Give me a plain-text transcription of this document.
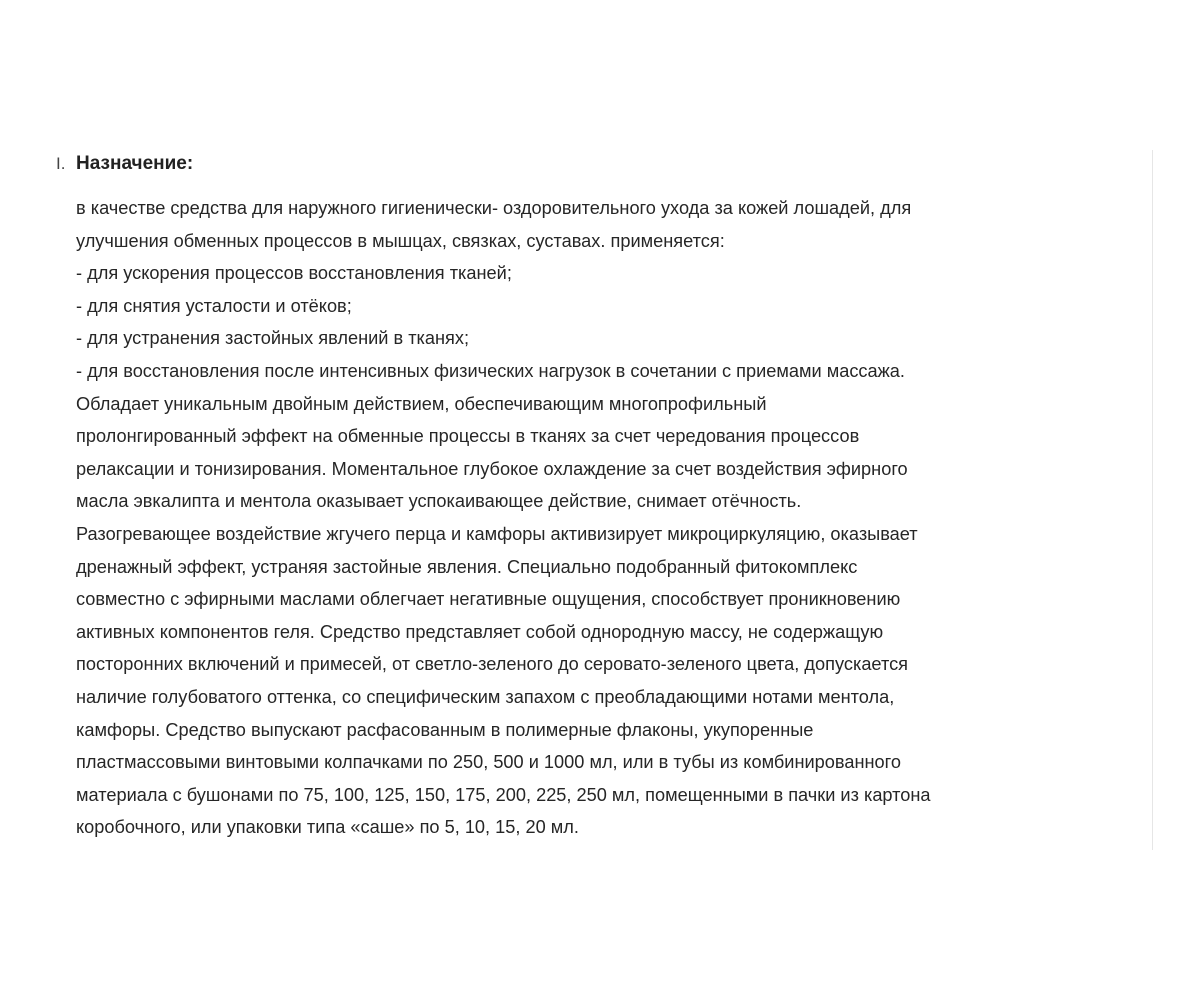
I. Назначение:
в качестве средства для наружного гигиенически- оздоровительного ухода за кожей лошадей, для
улучшения обменных процессов в мышцах, связках, суставах. применяется:
- для ускорения процессов восстановления тканей;
- для снятия усталости и отёков;
- для устранения застойных явлений в тканях;
- для восстановления после интенсивных физических нагрузок в сочетании с приемами массажа.
Обладает уникальным двойным действием, обеспечивающим многопрофильный
пролонгированный эффект на обменные процессы в тканях за счет чередования процессов
релаксации и тонизирования. Моментальное глубокое охлаждение за счет воздействия эфирного
масла эвкалипта и ментола оказывает успокаивающее действие, снимает отёчность.
Разогревающее воздействие жгучего перца и камфоры активизирует микроциркуляцию, оказывает
дренажный эффект, устраняя застойные явления. Специально подобранный фитокомплекс
совместно с эфирными маслами облегчает негативные ощущения, способствует проникновению
активных компонентов геля. Средство представляет собой однородную массу, не содержащую
посторонних включений и примесей, от светло-зеленого до серовато-зеленого цвета, допускается
наличие голубоватого оттенка, со специфическим запахом с преобладающими нотами ментола,
камфоры. Средство выпускают расфасованным в полимерные флаконы, укупоренные
пластмассовыми винтовыми колпачками по 250, 500 и 1000 мл, или в тубы из комбинированного
материала с бушонами по 75, 100, 125, 150, 175, 200, 225, 250 мл, помещенными в пачки из картона
коробочного, или упаковки типа «саше» по 5, 10, 15, 20 мл.
